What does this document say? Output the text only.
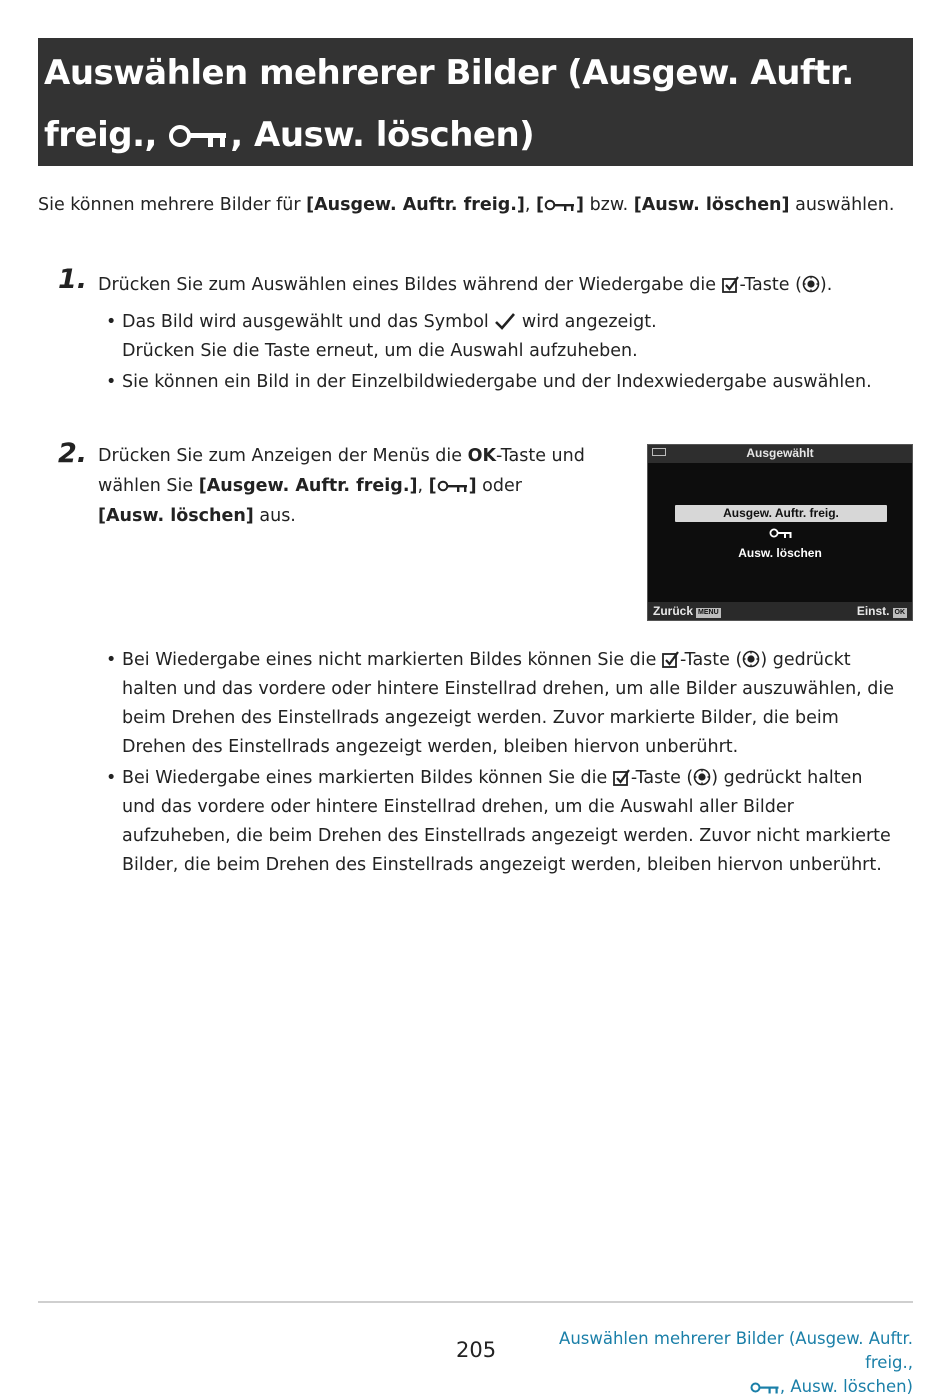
Auswählen mehrerer Bilder (Ausgew. Auftr.
freig., , Ausw. löschen)
Sie können mehrere Bilder für [Ausgew. Auftr. freig.], [ ] bzw. [Ausw. löschen] auswählen.
1. Drücken Sie zum Auswählen eines Bildes während der Wiedergabe die -Taste ( ).
• Das Bild wird ausgewählt und das Symbol  wird angezeigt.
Drücken Sie die Taste erneut, um die Auswahl aufzuheben.
• Sie können ein Bild in der Einzelbildwiedergabe und der Indexwiedergabe auswählen.
2. Drücken Sie zum Anzeigen der Menüs die OK-Taste und wählen Sie [Ausgew. Auftr. freig.], [ ] oder [Ausw. löschen] aus.
Ausgewählt
Ausgew. Auftr. freig.
Ausw. löschen
Zurück MENU	Einst. OK
• Bei Wiedergabe eines nicht markierten Bildes können Sie die -Taste ( ) gedrückt halten und das vordere oder hintere Einstellrad drehen, um alle Bilder auszuwählen, die beim Drehen des Einstellrads angezeigt werden. Zuvor markierte Bilder, die beim Drehen des Einstellrads angezeigt werden, bleiben hiervon unberührt.
• Bei Wiedergabe eines markierten Bildes können Sie die -Taste ( ) gedrückt halten und das vordere oder hintere Einstellrad drehen, um die Auswahl aller Bilder aufzuheben, die beim Drehen des Einstellrads angezeigt werden. Zuvor nicht markierte Bilder, die beim Drehen des Einstellrads angezeigt werden, bleiben hiervon unberührt.
205	Auswählen mehrerer Bilder (Ausgew. Auftr. freig.,
, Ausw. löschen)
